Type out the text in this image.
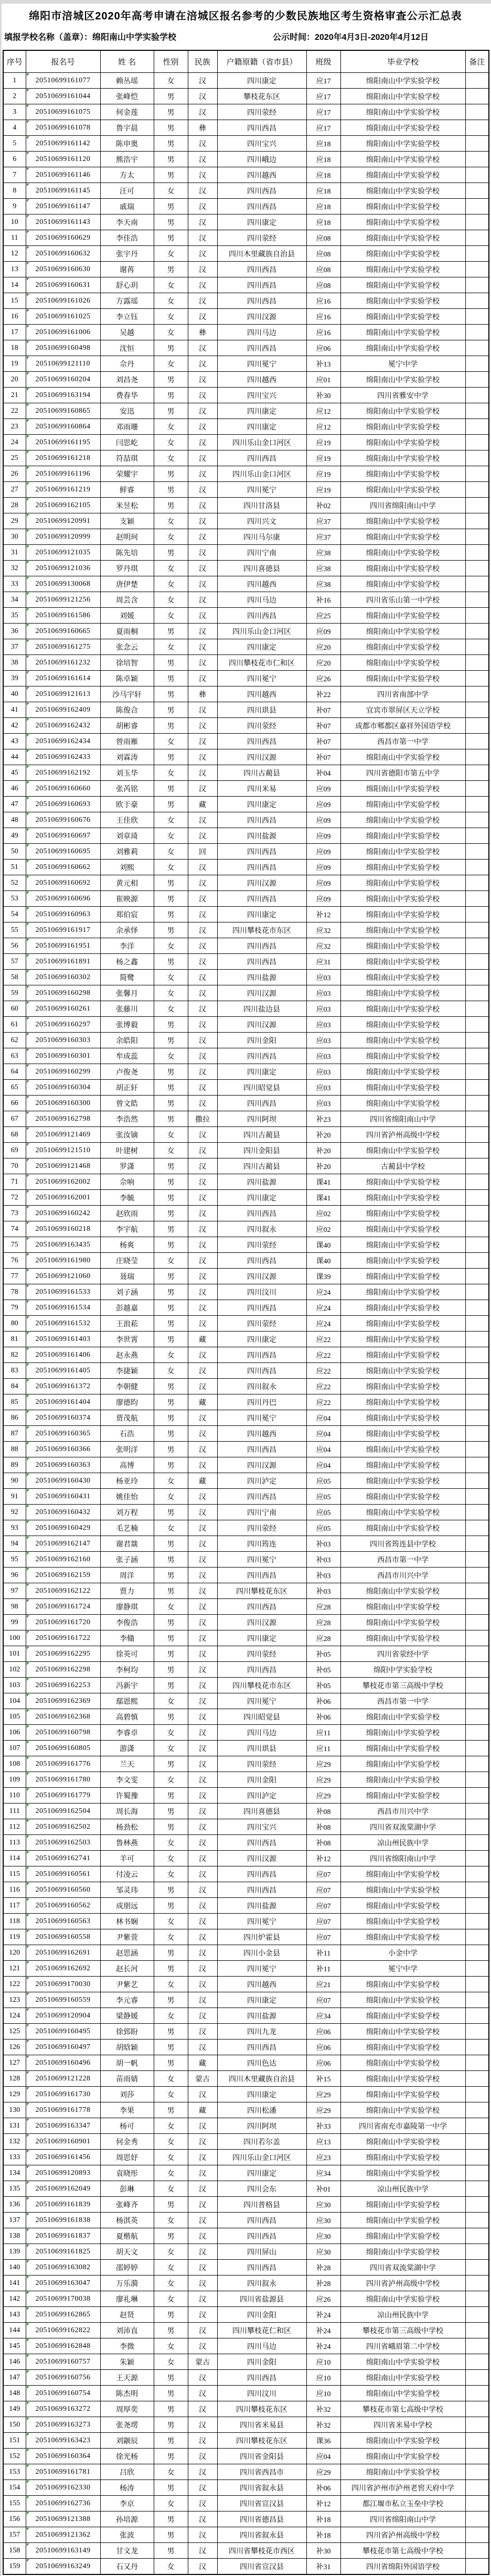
绵阳市涪城区2020年高考申请在涪城区报名参考的少数民族地区考生资格审查公示汇总表
填报学校名称（盖章）：绵阳南山中学实验学校	公示时间：2020年4月3日-2020年4月12日
序号	报名号	姓 名	性别	民族	户籍原籍（省市县）	班级	毕业学校	备注
1	20510699161077	赖丛瑶	女	汉	四川康定	应17	绵阳南山中学实验学校	
2	20510699161044	张峰恺	男	汉	攀枝花东区	应17	绵阳南山中学实验学校	
3	20510699161075	何金莲	男	汉	四川荥经	应17	绵阳南山中学实验学校	
4	20510699161078	鲁宇晨	男	彝	四川西昌	应17	绵阳南山中学实验学校	
5	20510699161142	陈申奥	男	汉	四川宝兴	应18	绵阳南山中学实验学校	
6	20510699161120	熊浩宇	男	汉	四川峨边	应18	绵阳南山中学实验学校	
7	20510699161146	方太	男	汉	四川越西	应18	绵阳南山中学实验学校	
8	20510699161145	汪可	女	汉	四川西昌	应18	绵阳南山中学实验学校	
9	20510699161147	戚瑞	男	汉	四川西昌	应18	绵阳南山中学实验学校	
10	20510699161143	李天南	男	汉	四川康定	应18	绵阳南山中学实验学校	
11	20510699160629	李佳浩	男	汉	四川荥经	应08	绵阳南山中学实验学校	
12	20510699160632	张宇丹	女	汉	四川木里藏族自治县	应08	绵阳南山中学实验学校	
13	20510699160630	谢苒	男	汉	四川西昌	应08	绵阳南山中学实验学校	
14	20510699160631	舒心玥	女	汉	四川西昌	应08	绵阳南山中学实验学校	
15	20510699161026	方露瑶	女	汉	四川西昌	应16	绵阳南山中学实验学校	
16	20510699161025	李立钰	女	汉	四川汉源	应16	绵阳南山中学实验学校	
17	20510699161006	吴越	女	彝	四川马边	应16	绵阳南山中学实验学校	
18	20510699160498	沈恒	男	汉	四川西昌	应06	绵阳南山中学实验学校	
19	20510699121110	佘丹	女	汉	四川冕宁	补13	冕宁中学	
20	20510699160204	刘昌尧	男	汉	四川越西	应01	绵阳南山中学实验学校	
21	20510699163194	费春华	男	汉	四川宝兴	补30	四川省雅安中学	
22	20510699160865	安迅	男	汉	四川康定	应12	绵阳南山中学实验学校	
23	20510699160864	邓雨珊	女	汉	四川康定	应12	绵阳南山中学实验学校	
24	20510699161195	闫思屹	女	汉	四川乐山金口河区	应19	绵阳南山中学实验学校	
25	20510699161218	符喆琪	女	汉	四川西昌	应19	绵阳南山中学实验学校	
26	20510699161196	荣耀宇	男	汉	四川乐山金口河区	应19	绵阳南山中学实验学校	
27	20510699161219	鲜睿	男	汉	四川冕宁	应19	绵阳南山中学实验学校	
28	20510699162105	米昱松	男	汉	四川甘洛县	补02	四川省绵阳南山中学	
29	20510699120991	支颖	女	汉	四川兴文	应37	绵阳南山中学实验学校	
30	20510699120999	赵明珂	女	汉	四川马尔康	应37	绵阳南山中学实验学校	
31	20510699121035	陈先培	男	汉	四川宁南	应38	绵阳南山中学实验学校	
32	20510699121036	罗丹琪	女	汉	四川喜德县	应38	绵阳南山中学实验学校	
33	20510699130068	唐伊楚	女	汉	四川越西	应38	绵阳南山中学实验学校	
34	20510699121256	周芸含	女	汉	四川马边	补16	四川省乐山第一中学校	
35	20510699161586	刘媛	女	汉	四川西昌	应25	绵阳南山中学实验学校	
36	20510699160665	夏雨桐	男	汉	四川乐山金口河区	应09	绵阳南山中学实验学校	
37	20510699161275	张念云	女	汉	四川康定	应20	绵阳南山中学实验学校	
38	20510699161232	徐培智	男	汉	四川攀枝花市仁和区	应20	绵阳南山中学实验学校	
39	20510699161614	陈卓颖	男	汉	四川冕宁	应26	绵阳南山中学实验学校	
40	20510699121613	沙马宇轩	男	彝	四川越西	补22	四川省南部中学	
41	20510699162409	陈俊合	男	汉	四川珙县	补07	宜宾市翠屏区天立学校	
42	20510699162432	胡彬睿	男	汉	四川荥经	补07	成都市郫都区嘉祥外国语学校	
43	20510699162434	曾雨雁	女	汉	四川西昌	补07	西昌市第一中学	
44	20510699162433	刘霖涛	男	汉	四川汉源	补07	绵阳南山中学实验学校	
45	20510699162192	刘玉华	女	汉	四川古蔺县	补04	四川省德阳市第五中学	
46	20510699160660	张芮铭	男	汉	四川米易	应09	绵阳南山中学实验学校	
47	20510699160693	欧于豪	男	藏	四川康定	应09	绵阳南山中学实验学校	
48	20510699160676	王佳欣	女	汉	四川西昌	应09	绵阳南山中学实验学校	
49	20510699160697	刘章琦	女	汉	四川盐源	应09	绵阳南山中学实验学校	
50	20510699160695	刘雅莉	女	回	四川西昌	应09	绵阳南山中学实验学校	
51	20510699160662	刘熙	女	汉	四川西昌	应09	绵阳南山中学实验学校	
52	20510699160692	黄元相	男	汉	四川汉源	应09	绵阳南山中学实验学校	
53	20510699160696	崔映源	男	汉	四川西昌	应09	绵阳南山中学实验学校	
54	20510699160963	郑伯宸	男	汉	四川康定	补12	绵阳南山中学实验学校	
55	20510699161917	余承怿	男	汉	四川攀枝花市东区	应32	绵阳南山中学实验学校	
56	20510699161951	李洋	女	汉	四川西昌	应32	绵阳南山中学实验学校	
57	20510699161891	杨之鑫	男	汉	四川西昌	应31	绵阳南山中学实验学校	
58	20510699160302	简鹭	女	汉	四川盐源	应03	绵阳南山中学实验学校	
59	20510699160298	张馨月	女	汉	四川汉源	应03	绵阳南山中学实验学校	
60	20510699160261	张藤川	女	汉	四川盐边县	应03	绵阳南山中学实验学校	
61	20510699160297	张博毅	男	汉	四川汉源	应03	绵阳南山中学实验学校	
62	20510699160303	余皓阳	男	汉	四川金阳	应03	绵阳南山中学实验学校	
63	20510699160301	牟成蕊	女	汉	四川西昌	应03	绵阳南山中学实验学校	
64	20510699160299	卢俊尧	男	汉	四川康定	应03	绵阳南山中学实验学校	
65	20510699160304	胡正轩	男	汉	四川昭觉县	应03	绵阳南山中学实验学校	
66	20510699160300	曾文皓	男	汉	四川西昌	应03	绵阳南山中学实验学校	
67	20510699162798	李浩然	男	撒拉	四川阿坝	补23	四川省绵阳南山中学	
68	20510699121469	张汝镝	女	汉	四川古蔺县	补20	四川省泸州高级中学校	
69	20510699121510	叶建树	女	汉	四川金阳县	补20	绵阳南山中学实验学校	
70	20510699121468	罗潇	男	汉	四川古蔺县	补20	古蔺县中学校	
71	20510699162002	佘响	男	汉	四川盐源	课41	绵阳南山中学实验学校	
72	20510699162001	李毓	男	汉	四川康定	课41	绵阳南山中学实验学校	
73	20510699160242	赵欣雨	男	汉	四川西昌	应02	绵阳南山中学实验学校	
74	20510699160218	李宇航	男	汉	四川叙永	应02	绵阳南山中学实验学校	
75	20510699163435	杨爽	男	汉	四川荥经	课40	绵阳南山中学实验学校	
76	20510699161980	庄晓莹	女	汉	四川西昌	课40	绵阳南山中学实验学校	
77	20510699121060	聂瑞	男	汉	四川汉源	课39	绵阳南山中学实验学校	
78	20510699161533	刘子涵	男	汉	四川汶川	应24	绵阳南山中学实验学校	
79	20510699161534	彭越嘉	男	汉	四川西昌	应24	绵阳南山中学实验学校	
80	20510699161532	王浪菘	男	汉	四川荥经	应24	绵阳南山中学实验学校	
81	20510699161403	李世霄	男	藏	四川康定	应22	绵阳南山中学实验学校	
82	20510699161406	赵永燕	女	汉	四川西昌	应22	绵阳南山中学实验学校	
83	20510699161405	李捷颖	女	汉	四川西昌	应22	绵阳南山中学实验学校	
84	20510699161372	李朝健	男	汉	四川叙永	应22	绵阳南山中学实验学校	
85	20510699161404	廖德昀	男	藏	四川丹巴	应22	绵阳南山中学实验学校	
86	20510699160374	贾茂航	男	汉	四川冕宁	应04	绵阳南山中学实验学校	
87	20510699160365	石浩	男	汉	四川越西	应04	绵阳南山中学实验学校	
88	20510699160366	张明洋	男	汉	四川西昌	应04	绵阳南山中学实验学校	
89	20510699160363	高博	男	汉	四川汉源	应04	绵阳南山中学实验学校	
90	20510699160430	杨亚玲	女	藏	四川泸定	应05	绵阳南山中学实验学校	
91	20510699160431	姚佳怡	女	汉	四川西昌	应05	绵阳南山中学实验学校	
92	20510699160432	刘万程	男	汉	四川宁南	应05	绵阳南山中学实验学校	
93	20510699160429	毛艺楠	女	汉	四川荥经	应05	绵阳南山中学实验学校	
94	20510699162147	谢君燚	男	汉	四川筠连	补03	四川省筠连县中学校	
95	20510699162160	张子涵	男	汉	四川冕宁	补03	西昌市第一中学	
96	20510699162159	周洋	男	汉	四川西昌	补03	西昌市川兴中学	
97	20510699162122	贾力	男	汉	四川攀枝花东区	补03	绵阳南山中学实验学校	
98	20510699161724	廖静琪	女	汉	四川西昌	应28	绵阳南山中学实验学校	
99	20510699161720	李俊浩	男	汉	四川汉源	应28	绵阳南山中学实验学校	
100	20510699161722	李翛	男	汉	四川康定	应28	绵阳南山中学实验学校	
101	20510699162295	徐英可	男	汉	四川荥经	补05	四川省荥经中学	
102	20510699162298	李柯均	男	汉	四川西昌	补05	绵阳中学实验学校	
103	20510699162253	冯新宇	男	汉	四川攀枝花市东区	补05	攀枝花市第三高级中学校	
104	20510699162369	鄢恩熙	女	汉	四川冕宁	补06	西昌市第一中学	
105	20510699162368	高碧慎	男	汉	四川昭觉县	补06	绵阳南山中学实验学校	
106	20510699160798	李睿卓	女	汉	四川马边	应11	绵阳南山中学实验学校	
107	20510699160805	游潇	女	汉	四川珙县	应11	绵阳南山中学实验学校	
108	20510699161776	兰天	男	汉	四川荥经	应29	绵阳南山中学实验学校	
109	20510699161780	李文雯	女	汉	四川金阳	应29	绵阳南山中学实验学校	
110	20510699161779	许蜀豫	男	汉	四川泸定	应29	绵阳南山中学实验学校	
111	20510699162504	周长海	男	汉	四川喜德县	补08	西昌市川兴中学	
112	20510699162502	杨劲松	男	汉	四川宝兴	补08	四川省双流棠湖中学	
113	20510699162503	鲁林燕	女	汉	四川西昌	补08	凉山州民族中学	
114	20510699162741	羊可	女	汉	四川汉源	补12	四川省绵阳南山中学	
115	20510699160561	付凌云	女	汉	四川西昌	应07	绵阳南山中学实验学校	
116	20510699160560	邹灵玮	男	汉	四川西昌	应07	绵阳南山中学实验学校	
117	20510699160562	成朋远	男	汉	四川盐源	应07	绵阳南山中学实验学校	
118	20510699160563	林书娴	女	汉	四川冕宁	应07	绵阳南山中学实验学校	
119	20510699160558	尹紫萱	女	汉	四川炉霍县	应07	绵阳南山中学实验学校	
120	20510699162691	赵思涵	男	汉	四川小金县	补11	小金中学	
121	20510699162692	赵长河	男	汉	四川冕宁	补11	冕宁中学	
122	20510699170030	尹紫艺	女	汉	四川越西	应21	绵阳南山中学实验学校	
123	20510699160559	李元睿	男	汉	四川康定	应07	绵阳南山中学实验学校	
124	20510699120904	梁静媛	女	汉	四川盐源	应34	绵阳南山中学实验学校	
125	20510699160495	徐郅盼	男	汉	四川九龙	应06	绵阳南山中学实验学校	
126	20510699160497	胡晗颖	男	汉	四川西昌	应06	绵阳南山中学实验学校	
127	20510699160496	胡一帆	男	藏	四川色达	应06	绵阳南山中学实验学校	
128	20510699121228	苗雨婧	女	蒙古	四川木里藏族自治县	补15	绵阳南山中学实验学校	
129	20510699161730	刘莎	女	汉	四川康定	应29	绵阳南山中学实验学校	
130	20510699161778	李果	男	藏	四川松潘	应29	绵阳南山中学实验学校	
131	20510699163347	杨可	女	汉	四川阿坝	补33	四川省南充市嘉陵第一中学	
132	20510699160901	何金秀	女	汉	四川若尔盖	应13	绵阳南山中学实验学校	
133	20510699161456	周思妤	女	汉	四川乐山金口河区	应23	绵阳南山中学实验学校	
134	20510699120893	袁晓彤	女	汉	四川康定	应34	绵阳南山中学实验学校	
135	20510699162049	彭琳	女	汉	四川会东	补01	凉山州民族中学	
136	20510699161839	张峰齐	男	汉	四川普格县	应30	绵阳南山中学实验学校	
137	20510699161838	杨淇英	女	汉	四川西昌	应30	绵阳南山中学实验学校	
138	20510699161837	夏楷航	男	汉	四川西昌	应30	绵阳南山中学实验学校	
139	20510699161825	胡天文	女	汉	四川屏山	应30	绵阳南山中学实验学校	
140	20510699163082	邵婷婷	女	汉	四川西昌	补28	四川省双流棠湖中学	
141	20510699163047	万乐漪	女	汉	四川叙永	补28	四川省泸州高级中学校	
142	20510699170038	廖礼琳	女	汉	四川省盐源县	应26	绵阳南山中学实验学校	
143	20510699162865	赵贤	男	汉	四川金阳	补24	凉山州民族中学	
144	20510699162822	刘沛直	男	汉	四川攀枝花仁和区	补24	攀枝花市第三高级中学校	
145	20510699162848	李微	女	汉	四川马边	补24	四川省峨眉第二中学校	
146	20510699160757	朱颖	女	蒙古	四川金阳	应10	绵阳南山中学实验学校	
147	20510699160756	王天源	男	汉	四川西昌	应10	绵阳南山中学实验学校	
148	20510699160754	陈杰明	男	汉	四川汶川	应10	绵阳南山中学实验学校	
149	20510699163272	周厚奕	男	汉	四川攀枝花东区	补32	攀枝花市第七高级中学校	
150	20510699163273	张尧塄	男	汉	四川省米易县	补32	四川省米易中学校	
151	20510699163423	刘颛辰	男	汉	四川攀枝花东区	课36	绵阳南山中学实验学校	
152	20510699160364	徐光杨	男	汉	四川省金阳县	应04	绵阳南山中学实验学校	
153	20510699161781	吕欣	女	汉	四川省西昌市	应29	绵阳南山中学实验学校	
154	20510699162330	杨涛	男	汉	四川省叙永县	补06	四川省泸州市泸州老窖天府中学	
155	20510699162736	李京	女	汉	四川省宣汉县	补12	都江堰市私立玉垒中学校	
156	20510699121388	孙培源	男	汉	四川省德昌县	补18	四川省绵阳南山中学	
157	20510699121362	张波	男	汉	四川省叙永县	补18	四川省泸州高级中学校	
158	20510699163149	甘文龙	男	汉	四川省攀枝花市西区	补30	攀枝花市第七高级中学校	
159	20510699163249	石又丹	女	汉	四川省宣汉县	补31	四川省绵阳外国语学校	
